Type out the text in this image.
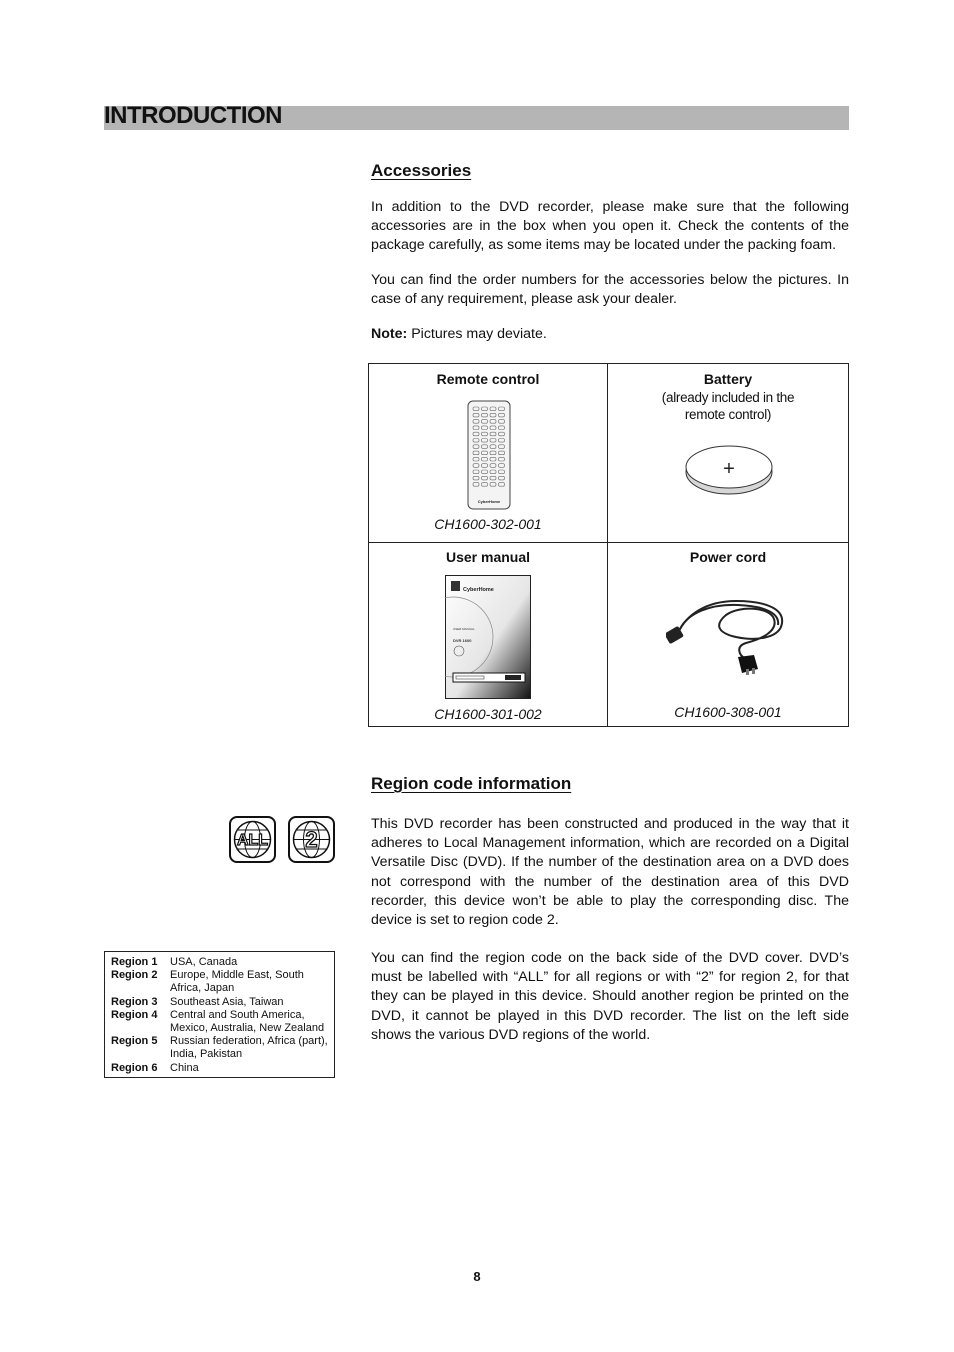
INTRODUCTION
Accessories

In addition to the DVD recorder, please make sure that the following accessories are in the box when you open it. Check the contents of the package carefully, as some items may be located under the packing foam.

You can find the order numbers for the accessories below the pictures. In case of any requirement, please ask your dealer.

Note: Pictures may deviate.

Remote control
CyberHome
CH1600-302-001
Battery
(already included in the
remote control)
+
User manual
CyberHome
USER MANUAL
DVR 1600
CH1600-301-002
Power cord
CH1600-308-001
Region code information
ALL 2

This DVD recorder has been constructed and produced in the way that it adheres to Local Management information, which are recorded on a Digital Versatile Disc (DVD). If the number of the destination area on a DVD does not correspond with the number of the destination area of this DVD recorder, this device won’t be able to play the corresponding disc. The device is set to region code 2.

You can find the region code on the back side of the DVD cover. DVD’s must be labelled with “ALL” for all regions or with “2” for region 2, for that they can be played in this device. Should another region be printed on the DVD, it cannot be played in this DVD recorder. The list on the left side shows the various DVD regions of the world.

Region 1	USA, Canada
Region 2	Europe, Middle East, South Africa, Japan
Region 3	Southeast Asia, Taiwan
Region 4	Central and South America, Mexico, Australia, New Zealand
Region 5	Russian federation, Africa (part), India, Pakistan
Region 6	China
8
